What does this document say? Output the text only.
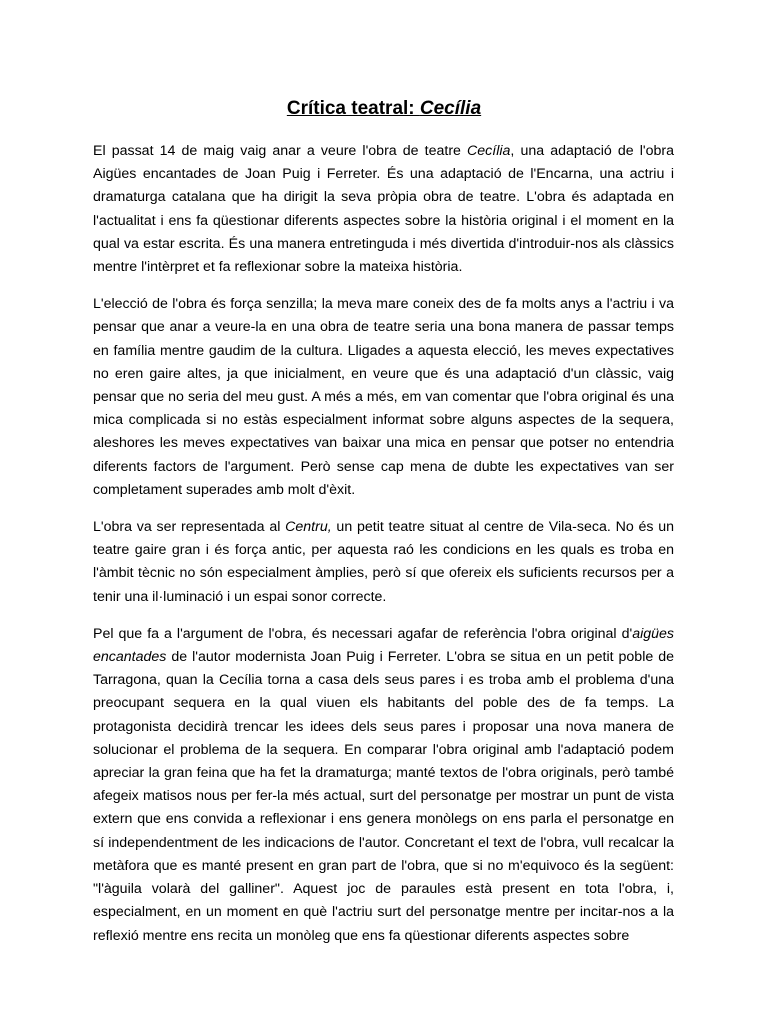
Crítica teatral: Cecília

El passat 14 de maig vaig anar a veure l'obra de teatre Cecília, una adaptació de l'obra Aigües encantades de Joan Puig i Ferreter. És una adaptació de l'Encarna, una actriu i dramaturga catalana que ha dirigit la seva pròpia obra de teatre. L'obra és adaptada en l'actualitat i ens fa qüestionar diferents aspectes sobre la història original i el moment en la qual va estar escrita. És una manera entretinguda i més divertida d'introduir-nos als clàssics mentre l'intèrpret et fa reflexionar sobre la mateixa història.

L'elecció de l'obra és força senzilla; la meva mare coneix des de fa molts anys a l'actriu i va pensar que anar a veure-la en una obra de teatre seria una bona manera de passar temps en família mentre gaudim de la cultura. Lligades a aquesta elecció, les meves expectatives no eren gaire altes, ja que inicialment, en veure que és una adaptació d'un clàssic, vaig pensar que no seria del meu gust. A més a més, em van comentar que l'obra original és una mica complicada si no estàs especialment informat sobre alguns aspectes de la sequera, aleshores les meves expectatives van baixar una mica en pensar que potser no entendria diferents factors de l'argument. Però sense cap mena de dubte les expectatives van ser completament superades amb molt d'èxit.

L'obra va ser representada al Centru, un petit teatre situat al centre de Vila-seca. No és un teatre gaire gran i és força antic, per aquesta raó les condicions en les quals es troba en l'àmbit tècnic no són especialment àmplies, però sí que ofereix els suficients recursos per a tenir una il·luminació i un espai sonor correcte.

Pel que fa a l'argument de l'obra, és necessari agafar de referència l'obra original d'aigües encantades de l'autor modernista Joan Puig i Ferreter. L'obra se situa en un petit poble de Tarragona, quan la Cecília torna a casa dels seus pares i es troba amb el problema d'una preocupant sequera en la qual viuen els habitants del poble des de fa temps. La protagonista decidirà trencar les idees dels seus pares i proposar una nova manera de solucionar el problema de la sequera. En comparar l'obra original amb l'adaptació podem apreciar la gran feina que ha fet la dramaturga; manté textos de l'obra originals, però també afegeix matisos nous per fer-la més actual, surt del personatge per mostrar un punt de vista extern que ens convida a reflexionar i ens genera monòlegs on ens parla el personatge en sí independentment de les indicacions de l'autor. Concretant el text de l'obra, vull recalcar la metàfora que es manté present en gran part de l'obra, que si no m'equivoco és la següent: "l'àguila volarà del galliner". Aquest joc de paraules està present en tota l'obra, i, especialment, en un moment en què l'actriu surt del personatge mentre per incitar-nos a la reflexió mentre ens recita un monòleg que ens fa qüestionar diferents aspectes sobre
